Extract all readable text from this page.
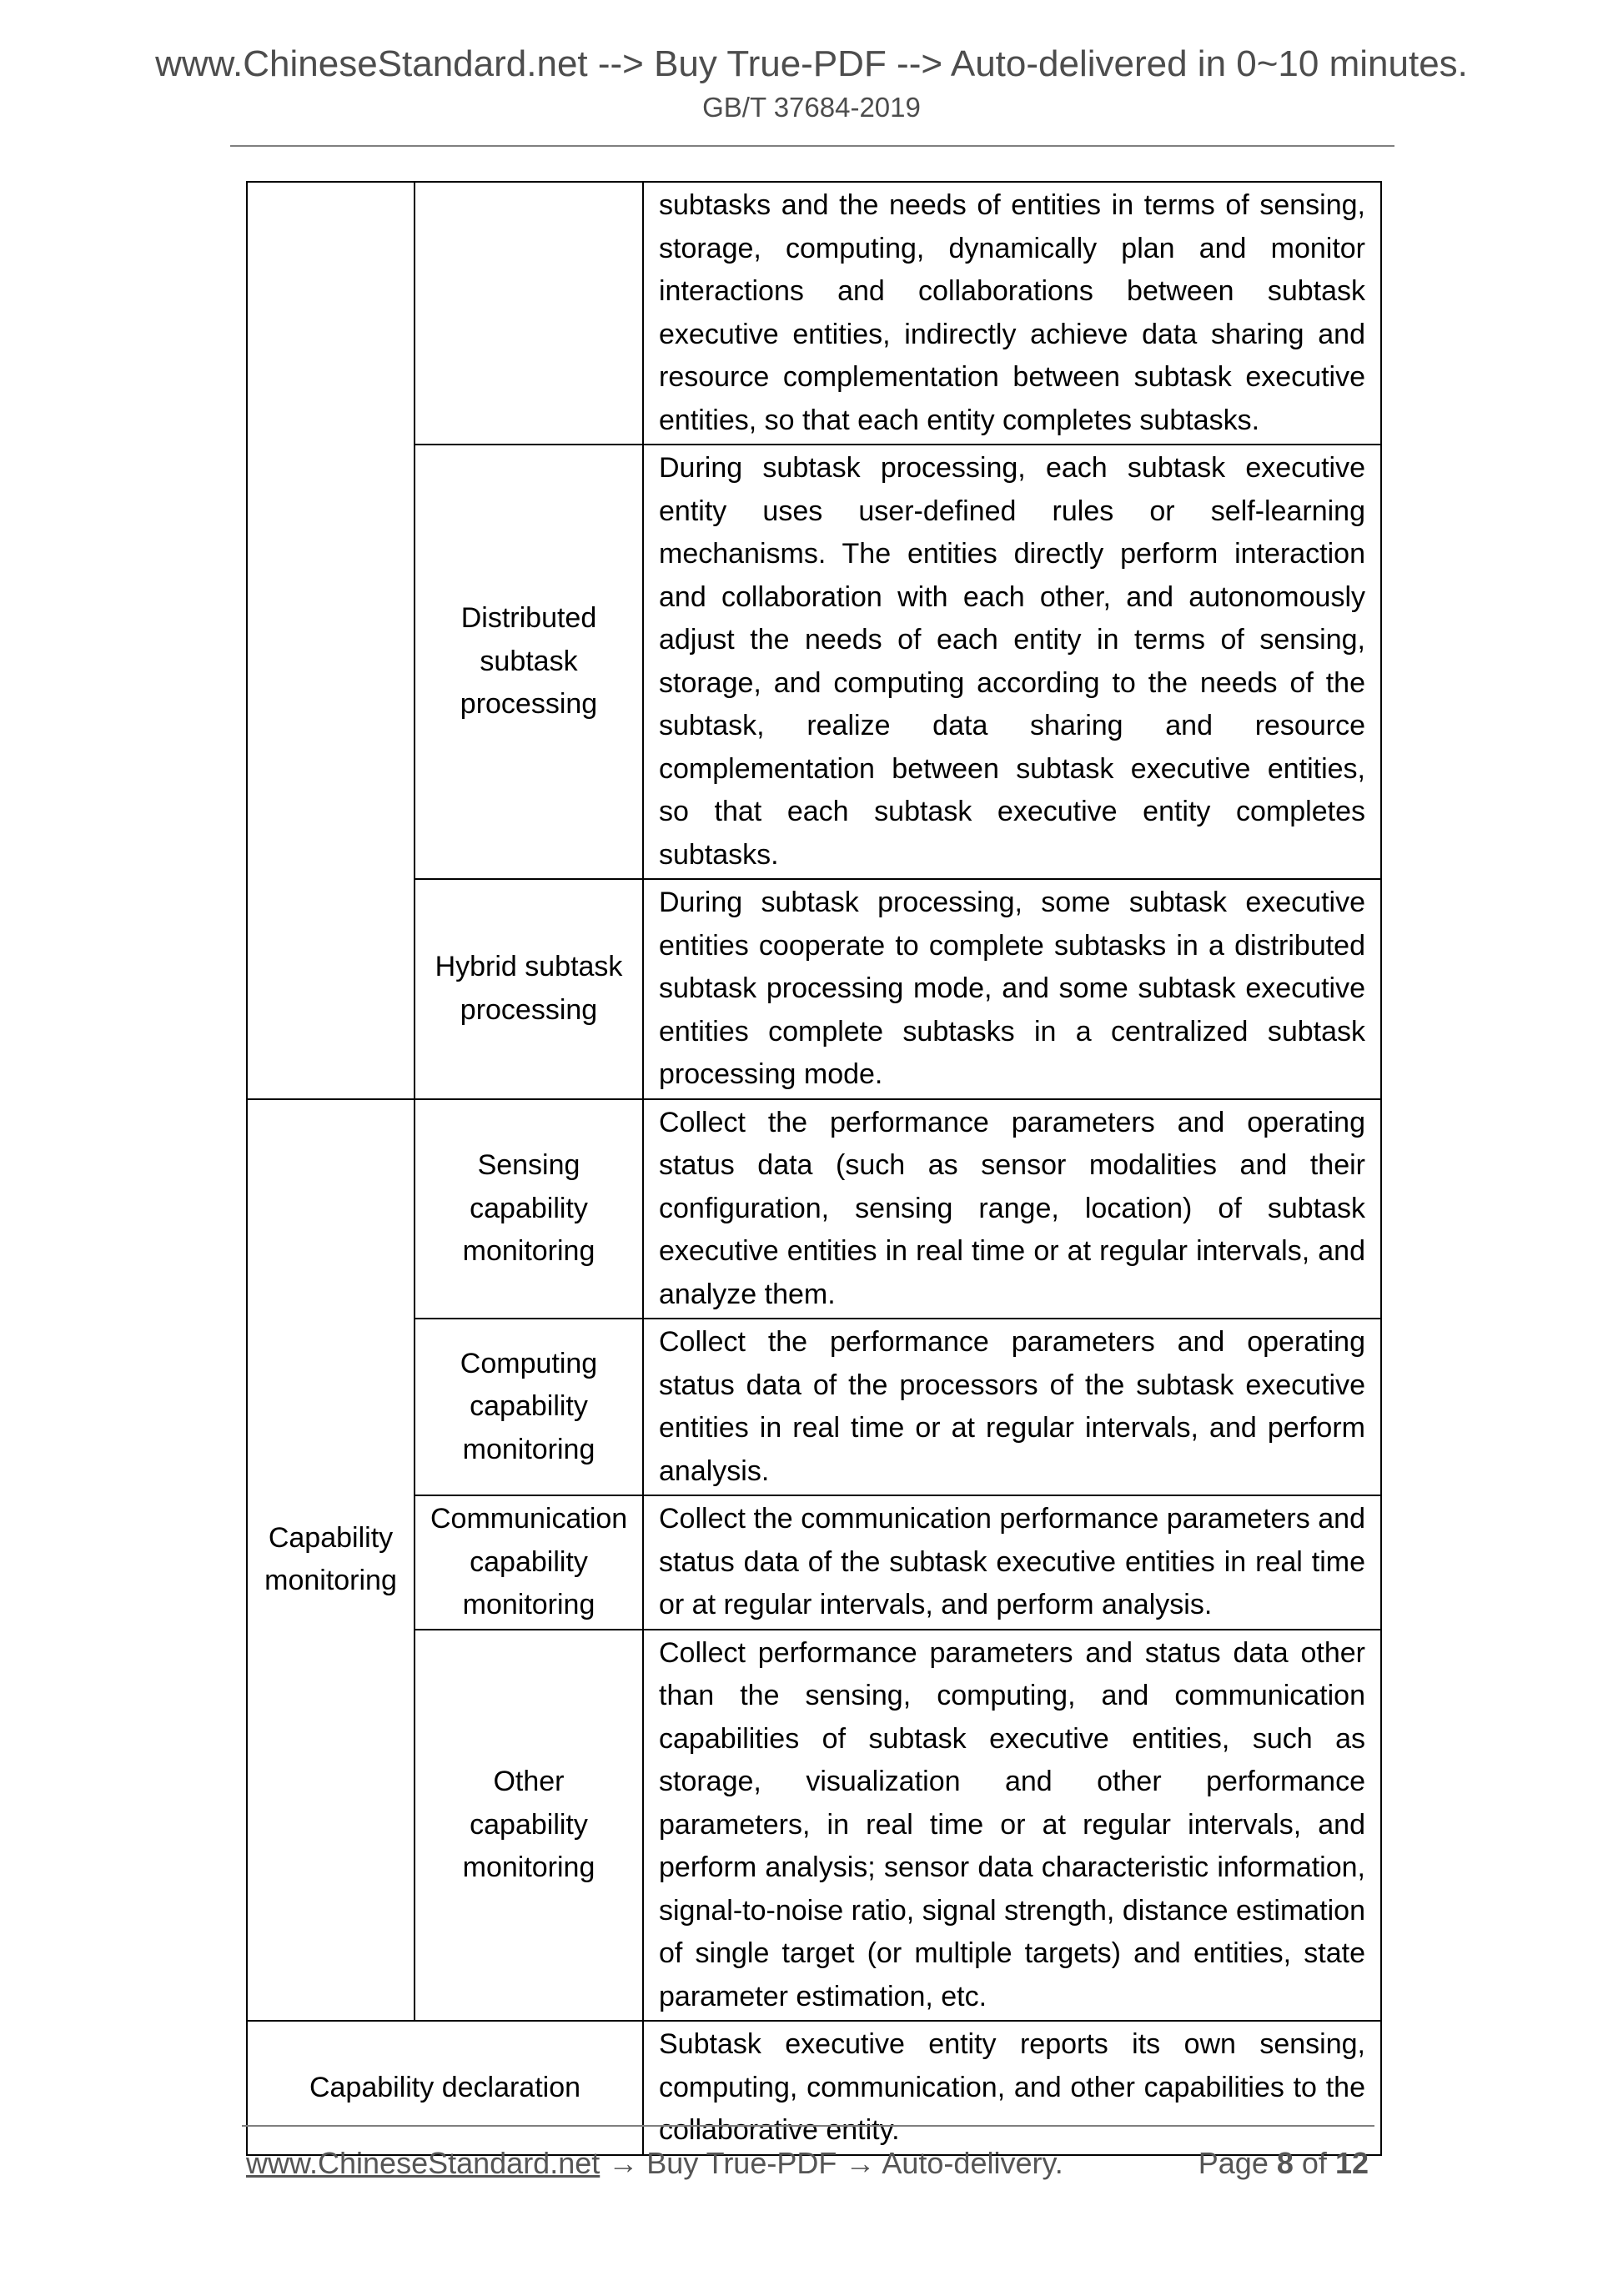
www.ChineseStandard.net --> Buy True-PDF --> Auto-delivered in 0~10 minutes.
GB/T 37684-2019
		subtasks and the needs of entities in terms of sensing, storage, computing, dynamically plan and monitor interactions and collaborations between subtask executive entities, indirectly achieve data sharing and resource complementation between subtask executive entities, so that each entity completes subtasks.
	Distributed subtask processing	During subtask processing, each subtask executive entity uses user-defined rules or self-learning mechanisms. The entities directly perform interaction and collaboration with each other, and autonomously adjust the needs of each entity in terms of sensing, storage, and computing according to the needs of the subtask, realize data sharing and resource complementation between subtask executive entities, so that each subtask executive entity completes subtasks.
	Hybrid subtask processing	During subtask processing, some subtask executive entities cooperate to complete subtasks in a distributed subtask processing mode, and some subtask executive entities complete subtasks in a centralized subtask processing mode.
Capability monitoring	Sensing capability monitoring	Collect the performance parameters and operating status data (such as sensor modalities and their configuration, sensing range, location) of subtask executive entities in real time or at regular intervals, and analyze them.
	Computing capability monitoring	Collect the performance parameters and operating status data of the processors of the subtask executive entities in real time or at regular intervals, and perform analysis.
	Communication capability monitoring	Collect the communication performance parameters and status data of the subtask executive entities in real time or at regular intervals, and perform analysis.
	Other capability monitoring	Collect performance parameters and status data other than the sensing, computing, and communication capabilities of subtask executive entities, such as storage, visualization and other performance parameters, in real time or at regular intervals, and perform analysis; sensor data characteristic information, signal-to-noise ratio, signal strength, distance estimation of single target (or multiple targets) and entities, state parameter estimation, etc.
Capability declaration		Subtask executive entity reports its own sensing, computing, communication, and other capabilities to the collaborative entity.
www.ChineseStandard.net → Buy True-PDF → Auto-delivery.	Page 8 of 12
